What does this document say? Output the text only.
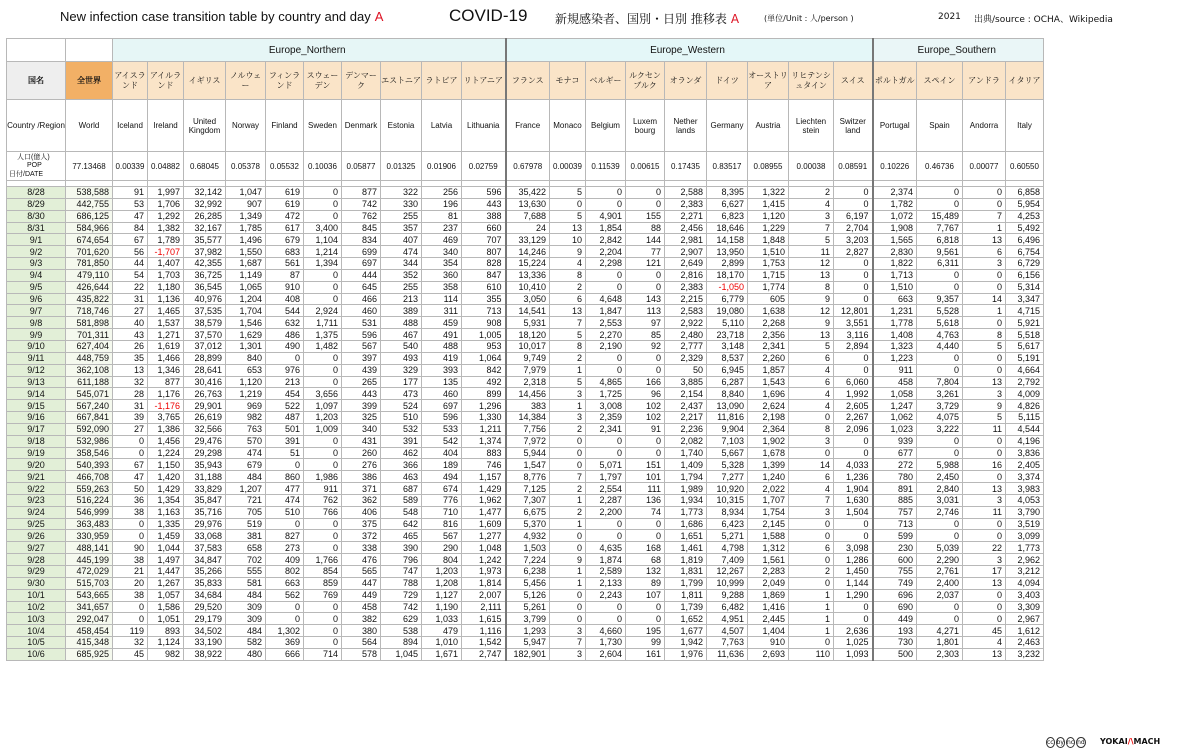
New infection case transition table by country and day A	COVID-19 新規感染者、国別・日別 推移表 A	(単位/Unit : 人/person )	2021 出典/source : OCHA、Wikipedia
		Europe_Northern										Europe_Western									Europe_Southern			
国名	全世界	アイスランド	アイルランド	イギリス	ノルウェー	フィンランド	スウェーデン	デンマーク	エストニア	ラトビア	リトアニア	フランス	モナコ	ベルギー	ルクセンブルク	オランダ	ドイツ	オーストリア	リヒテンシュタイン	スイス	ポルトガル	スペイン	アンドラ	イタリア
Country /Region	World	Iceland	Ireland	United Kingdom	Norway	Finland	Sweden	Denmark	Estonia	Latvia	Lithuania	France	Monaco	Belgium	Luxem bourg	Nether lands	Germany	Austria	Liechten stein	Switzer land	Portugal	Spain	Andorra	Italy

人口(億人)
POP
日付/DATE	77.13468	0.00339	0.04882	0.68045	0.05378	0.05532	0.10036	0.05877	0.01325	0.01906	0.02759	0.67978	0.00039	0.11539	0.00615	0.17435	0.83517	0.08955	0.00038	0.08591	0.10226	0.46736	0.00077	0.60550

8/28	538,588	91	1,997	32,142	1,047	619	0	877	322	256	596	35,422	5	0	0	2,588	8,395	1,322	2	0	2,374	0	0	6,858
8/29	442,755	53	1,706	32,992	907	619	0	742	330	196	443	13,630	0	0	0	2,383	6,627	1,415	4	0	1,782	0	0	5,954
8/30	686,125	47	1,292	26,285	1,349	472	0	762	255	81	388	7,688	5	4,901	155	2,271	6,823	1,120	3	6,197	1,072	15,489	7	4,253
8/31	584,966	84	1,382	32,167	1,785	617	3,400	845	357	237	660	24	13	1,854	88	2,456	18,646	1,229	7	2,704	1,908	7,767	1	5,492
9/1	674,654	67	1,789	35,577	1,496	679	1,104	834	407	469	707	33,129	10	2,842	144	2,981	14,158	1,848	5	3,203	1,565	6,818	13	6,496
9/2	701,620	56	-1,707	37,982	1,550	683	1,214	699	474	340	807	14,246	9	2,204	77	2,907	13,950	1,510	11	2,827	2,830	9,561	6	6,754
9/3	781,850	44	1,407	42,355	1,687	561	1,394	697	344	354	828	15,224	4	2,298	121	2,649	2,899	1,753	12	0	1,822	6,311	3	6,729
9/4	479,110	54	1,703	36,725	1,149	87	0	444	352	360	847	13,336	8	0	0	2,816	18,170	1,715	13	0	1,713	0	0	6,156
9/5	426,644	22	1,180	36,545	1,065	910	0	645	255	358	610	10,410	2	0	0	2,383	-1,050	1,774	8	0	1,510	0	0	5,314
9/6	435,822	31	1,136	40,976	1,204	408	0	466	213	114	355	3,050	6	4,648	143	2,215	6,779	605	9	0	663	9,357	14	3,347
9/7	718,746	27	1,465	37,535	1,704	544	2,924	460	389	311	713	14,541	13	1,847	113	2,583	19,080	1,638	12	12,801	1,231	5,528	1	4,715
9/8	581,898	40	1,537	38,579	1,546	632	1,711	531	488	459	908	5,931	7	2,553	97	2,922	5,110	2,268	9	3,551	1,778	5,618	0	5,921
9/9	701,311	43	1,271	37,570	1,629	486	1,375	596	467	491	1,005	18,120	5	2,270	85	2,480	23,718	2,356	13	3,116	1,408	4,763	8	5,518
9/10	627,404	26	1,619	37,012	1,301	490	1,482	567	540	488	953	10,017	8	2,190	92	2,777	3,148	2,341	5	2,894	1,323	4,440	5	5,617
9/11	448,759	35	1,466	28,899	840	0	0	397	493	419	1,064	9,749	2	0	0	2,329	8,537	2,260	6	0	1,223	0	0	5,191
9/12	362,108	13	1,346	28,641	653	976	0	439	329	393	842	7,979	1	0	0	50	6,945	1,857	4	0	911	0	0	4,664
9/13	611,188	32	877	30,416	1,120	213	0	265	177	135	492	2,318	5	4,865	166	3,885	6,287	1,543	6	6,060	458	7,804	13	2,792
9/14	545,071	28	1,176	26,763	1,219	454	3,656	443	473	460	899	14,456	3	1,725	96	2,154	8,840	1,696	4	1,992	1,058	3,261	3	4,009
9/15	567,240	31	-1,176	29,901	969	522	1,097	399	524	697	1,296	383	1	3,008	102	2,437	13,090	2,624	4	2,605	1,247	3,729	9	4,826
9/16	667,841	39	3,765	26,619	982	487	1,203	325	510	596	1,330	14,384	3	2,359	102	2,217	11,816	2,198	0	2,267	1,062	4,075	5	5,115
9/17	592,090	27	1,386	32,566	763	501	1,009	340	532	533	1,211	7,756	2	2,341	91	2,236	9,904	2,364	8	2,096	1,023	3,222	11	4,544
9/18	532,986	0	1,456	29,476	570	391	0	431	391	542	1,374	7,972	0	0	0	2,082	7,103	1,902	3	0	939	0	0	4,196
9/19	358,546	0	1,224	29,298	474	51	0	260	462	404	883	5,944	0	0	0	1,740	5,667	1,678	0	0	677	0	0	3,836
9/20	540,393	67	1,150	35,943	679	0	0	276	366	189	746	1,547	0	5,071	151	1,409	5,328	1,399	14	4,033	272	5,988	16	2,405
9/21	466,708	47	1,420	31,188	484	860	1,986	386	463	494	1,157	8,776	7	1,797	101	1,794	7,277	1,240	6	1,236	780	2,450	0	3,374
9/22	559,263	50	1,429	33,829	1,207	477	911	371	687	674	1,429	7,125	2	2,554	111	1,989	10,920	2,022	4	1,904	891	2,840	13	3,983
9/23	516,224	36	1,354	35,847	721	474	762	362	589	776	1,962	7,307	1	2,287	136	1,934	10,315	1,707	7	1,630	885	3,031	3	4,053
9/24	546,999	38	1,163	35,716	705	510	766	406	548	710	1,477	6,675	2	2,200	74	1,773	8,934	1,754	3	1,504	757	2,746	11	3,790
9/25	363,483	0	1,335	29,976	519	0	0	375	642	816	1,609	5,370	1	0	0	1,686	6,423	2,145	0	0	713	0	0	3,519
9/26	330,959	0	1,459	33,068	381	827	0	372	465	567	1,277	4,932	0	0	0	1,651	5,271	1,588	0	0	599	0	0	3,099
9/27	488,141	90	1,044	37,583	658	273	0	338	390	290	1,048	1,503	0	4,635	168	1,461	4,798	1,312	6	3,098	230	5,039	22	1,773
9/28	445,199	38	1,497	34,847	702	409	1,766	476	796	804	1,242	7,224	9	1,874	68	1,819	7,409	1,561	0	1,286	600	2,290	3	2,962
9/29	472,029	21	1,447	35,266	555	802	854	565	747	1,203	1,973	6,238	1	2,589	132	1,831	12,267	2,283	2	1,450	755	2,761	17	3,212
9/30	515,703	20	1,267	35,833	581	663	859	447	788	1,208	1,814	5,456	1	2,133	89	1,799	10,999	2,049	0	1,144	749	2,400	13	4,094
10/1	543,665	38	1,057	34,684	484	562	769	449	729	1,127	2,007	5,126	0	2,243	107	1,811	9,288	1,869	1	1,290	696	2,037	0	3,403
10/2	341,657	0	1,586	29,520	309	0	0	458	742	1,190	2,111	5,261	0	0	0	1,739	6,482	1,416	1	0	690	0	0	3,309
10/3	292,047	0	1,051	29,179	309	0	0	382	629	1,033	1,615	3,799	0	0	0	1,652	4,951	2,445	1	0	449	0	0	2,967
10/4	458,454	119	893	34,502	484	1,302	0	380	538	479	1,116	1,293	3	4,660	195	1,677	4,507	1,404	1	2,636	193	4,271	45	1,612
10/5	415,348	32	1,124	33,190	582	369	0	564	894	1,010	1,542	5,947	7	1,730	99	1,942	7,763	910	0	1,025	730	1,801	4	2,463
10/6	685,925	45	982	38,922	480	666	714	578	1,045	1,671	2,747	182,901	3	2,604	161	1,976	11,636	2,693	110	1,093	500	2,303	13	3,232
cc by nc nd YOKAI/\MACH
